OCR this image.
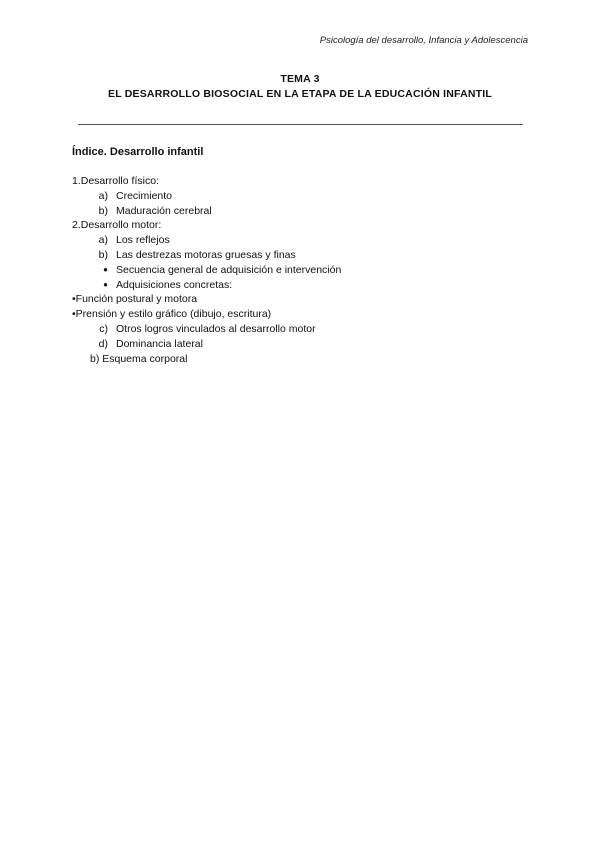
Psicología del desarrollo, Infancia y Adolescencia
TEMA 3
EL DESARROLLO BIOSOCIAL EN LA ETAPA DE LA EDUCACIÓN INFANTIL
Índice. Desarrollo infantil
1.Desarrollo físico:
a) Crecimiento
b) Maduración cerebral
2.Desarrollo motor:
a) Los reflejos
b) Las destrezas motoras gruesas y finas
● Secuencia general de adquisición e intervención
● Adquisiciones concretas:
•Función postural y motora
•Prensión y estilo gráfico (dibujo, escritura)
c) Otros logros vinculados al desarrollo motor
d) Dominancia lateral
b) Esquema corporal
